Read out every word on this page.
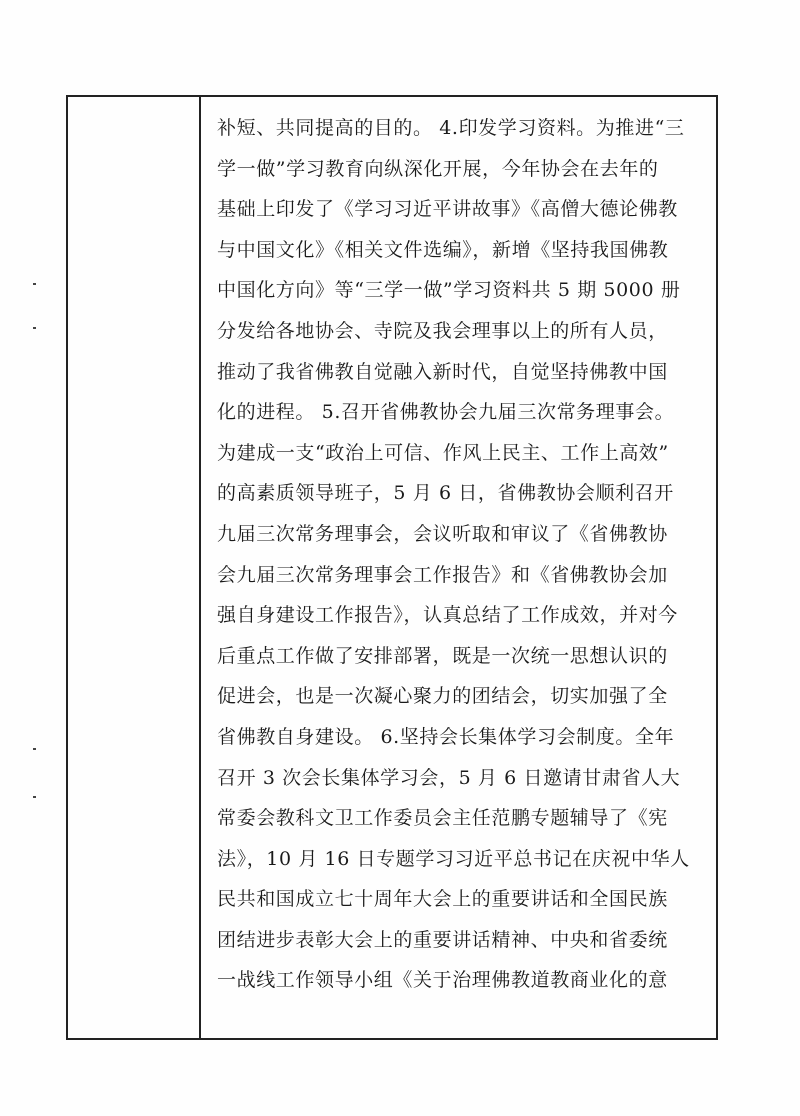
补短、共同提高的目的。 4.印发学习资料。为推进“三
学一做”学习教育向纵深化开展，今年协会在去年的
基础上印发了《学习习近平讲故事》《高僧大德论佛教
与中国文化》《相关文件选编》，新增《坚持我国佛教
中国化方向》等“三学一做”学习资料共 5 期 5000 册
分发给各地协会、寺院及我会理事以上的所有人员，
推动了我省佛教自觉融入新时代，自觉坚持佛教中国
化的进程。 5.召开省佛教协会九届三次常务理事会。
为建成一支“政治上可信、作风上民主、工作上高效”
的高素质领导班子，5 月 6 日，省佛教协会顺利召开
九届三次常务理事会，会议听取和审议了《省佛教协
会九届三次常务理事会工作报告》和《省佛教协会加
强自身建设工作报告》，认真总结了工作成效，并对今
后重点工作做了安排部署，既是一次统一思想认识的
促进会，也是一次凝心聚力的团结会，切实加强了全
省佛教自身建设。 6.坚持会长集体学习会制度。全年
召开 3 次会长集体学习会，5 月 6 日邀请甘肃省人大
常委会教科文卫工作委员会主任范鹏专题辅导了《宪
法》，10 月 16 日专题学习习近平总书记在庆祝中华人
民共和国成立七十周年大会上的重要讲话和全国民族
团结进步表彰大会上的重要讲话精神、中央和省委统
一战线工作领导小组《关于治理佛教道教商业化的意
